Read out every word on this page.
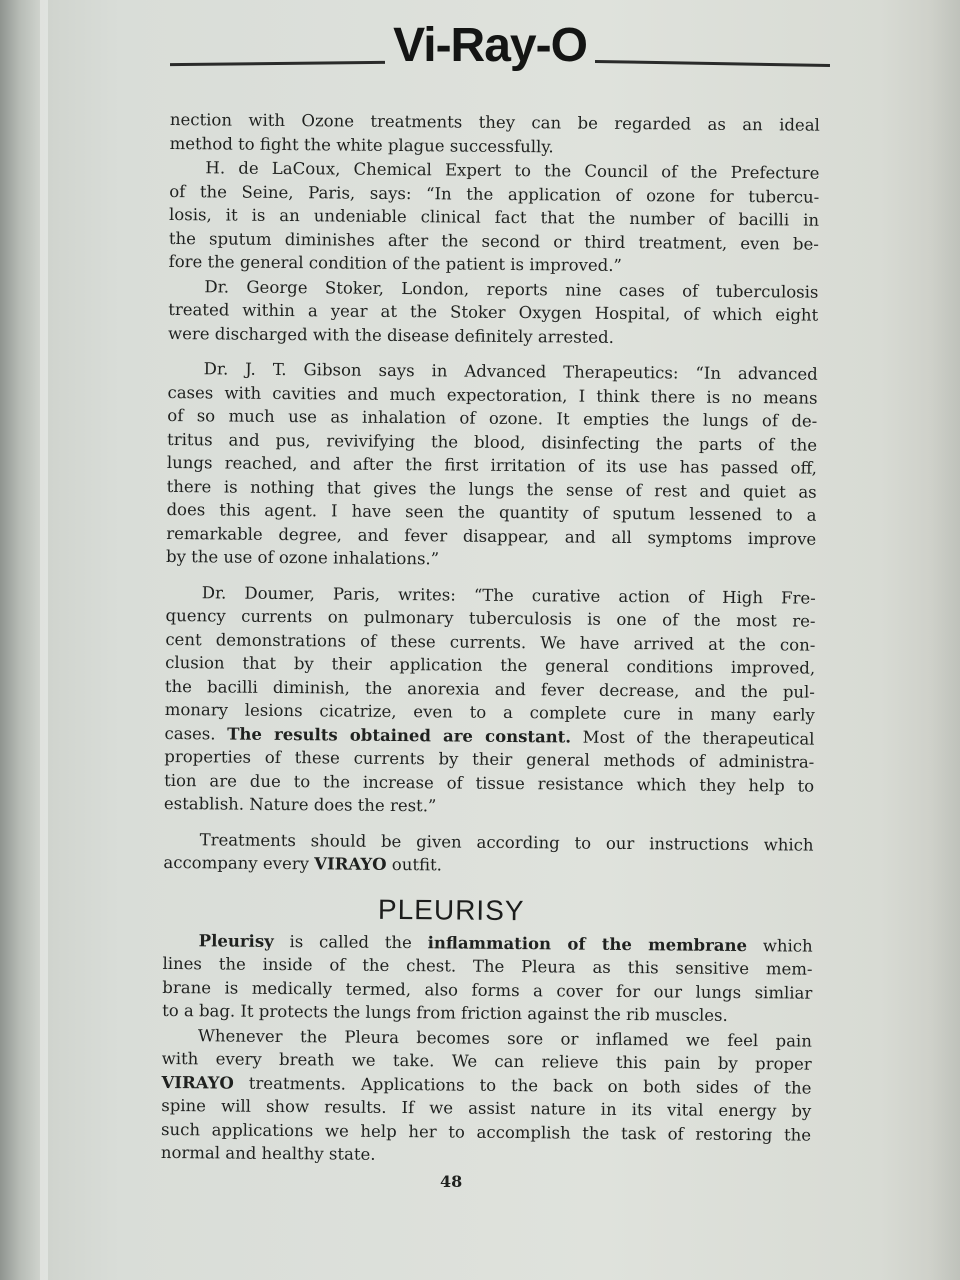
Vi-Ray-O
nection with Ozone treatments they can be regarded as an ideal
method to fight the white plague successfully.
H. de LaCoux, Chemical Expert to the Council of the Prefecture
of the Seine, Paris, says: “In the application of ozone for tubercu-
losis, it is an undeniable clinical fact that the number of bacilli in
the sputum diminishes after the second or third treatment, even be-
fore the general condition of the patient is improved.”
Dr. George Stoker, London, reports nine cases of tuberculosis
treated within a year at the Stoker Oxygen Hospital, of which eight
were discharged with the disease definitely arrested.
Dr. J. T. Gibson says in Advanced Therapeutics: “In advanced
cases with cavities and much expectoration, I think there is no means
of so much use as inhalation of ozone. It empties the lungs of de-
tritus and pus, revivifying the blood, disinfecting the parts of the
lungs reached, and after the first irritation of its use has passed off,
there is nothing that gives the lungs the sense of rest and quiet as
does this agent. I have seen the quantity of sputum lessened to a
remarkable degree, and fever disappear, and all symptoms improve
by the use of ozone inhalations.”
Dr. Doumer, Paris, writes: “The curative action of High Fre-
quency currents on pulmonary tuberculosis is one of the most re-
cent demonstrations of these currents. We have arrived at the con-
clusion that by their application the general conditions improved,
the bacilli diminish, the anorexia and fever decrease, and the pul-
monary lesions cicatrize, even to a complete cure in many early
cases. The results obtained are constant. Most of the therapeutical
properties of these currents by their general methods of administra-
tion are due to the increase of tissue resistance which they help to
establish. Nature does the rest.”
Treatments should be given according to our instructions which
accompany every VIRAYO outfit.
PLEURISY
Pleurisy is called the inflammation of the membrane which
lines the inside of the chest. The Pleura as this sensitive mem-
brane is medically termed, also forms a cover for our lungs simliar
to a bag. It protects the lungs from friction against the rib muscles.
Whenever the Pleura becomes sore or inflamed we feel pain
with every breath we take. We can relieve this pain by proper
VIRAYO treatments. Applications to the back on both sides of the
spine will show results. If we assist nature in its vital energy by
such applications we help her to accomplish the task of restoring the
normal and healthy state.
48
